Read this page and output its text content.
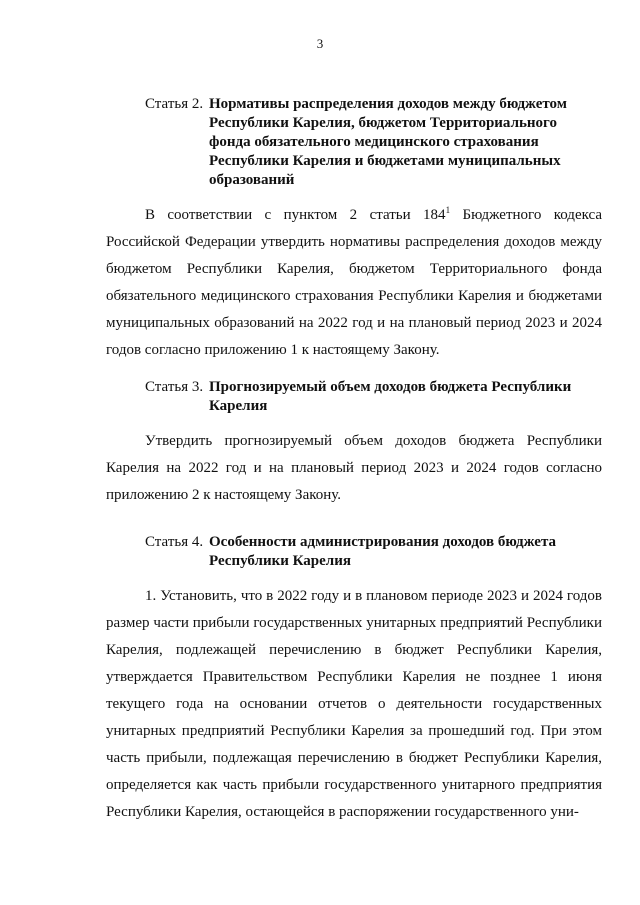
3
Статья 2. Нормативы распределения доходов между бюджетом Республики Карелия, бюджетом Территориального фонда обязательного медицинского страхования Республики Карелия и бюджетами муниципальных образований

В соответствии с пунктом 2 статьи $184^1$ Бюджетного кодекса Российской Федерации утвердить нормативы распределения доходов между бюджетом Республики Карелия, бюджетом Территориального фонда обязательного медицинского страхования Республики Карелия и бюджетами муниципальных образований на 2022 год и на плановый период 2023 и 2024 годов согласно приложению 1 к настоящему Закону.

Статья 3. Прогнозируемый объем доходов бюджета Республики Карелия

Утвердить прогнозируемый объем доходов бюджета Республики Карелия на 2022 год и на плановый период 2023 и 2024 годов согласно приложению 2 к настоящему Закону.

Статья 4. Особенности администрирования доходов бюджета Республики Карелия

1. Установить, что в 2022 году и в плановом периоде 2023 и 2024 годов размер части прибыли государственных унитарных предприятий Республики Карелия, подлежащей перечислению в бюджет Республики Карелия, утверждается Правительством Республики Карелия не позднее 1 июня текущего года на основании отчетов о деятельности государственных унитарных предприятий Республики Карелия за прошедший год. При этом часть прибыли, подлежащая перечислению в бюджет Республики Карелия, определяется как часть прибыли государственного унитарного предприятия Республики Карелия, остающейся в распоряжении государственного уни-
